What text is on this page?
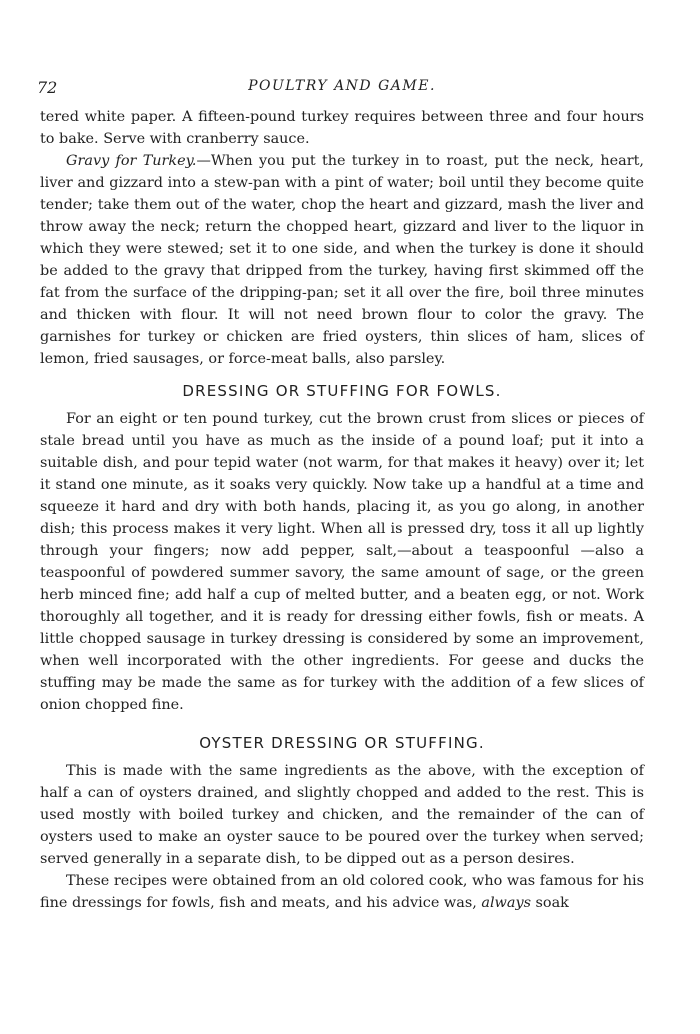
72	POULTRY AND GAME.

tered white paper. A fifteen-pound turkey requires between three and four hours to bake. Serve with cranberry sauce.

Gravy for Turkey.—When you put the turkey in to roast, put the neck, heart, liver and gizzard into a stew-pan with a pint of water; boil until they become quite tender; take them out of the water, chop the heart and gizzard, mash the liver and throw away the neck; return the chopped heart, gizzard and liver to the liquor in which they were stewed; set it to one side, and when the turkey is done it should be added to the gravy that dripped from the turkey, having first skimmed off the fat from the surface of the dripping-pan; set it all over the fire, boil three minutes and thicken with flour. It will not need brown flour to color the gravy. The garnishes for turkey or chicken are fried oysters, thin slices of ham, slices of lemon, fried sausages, or force-meat balls, also parsley.

DRESSING OR STUFFING FOR FOWLS.

For an eight or ten pound turkey, cut the brown crust from slices or pieces of stale bread until you have as much as the inside of a pound loaf; put it into a suitable dish, and pour tepid water (not warm, for that makes it heavy) over it; let it stand one minute, as it soaks very quickly. Now take up a handful at a time and squeeze it hard and dry with both hands, placing it, as you go along, in another dish; this process makes it very light. When all is pressed dry, toss it all up lightly through your fingers; now add pepper, salt,—about a teaspoonful —also a teaspoonful of powdered summer savory, the same amount of sage, or the green herb minced fine; add half a cup of melted butter, and a beaten egg, or not. Work thoroughly all together, and it is ready for dressing either fowls, fish or meats. A little chopped sausage in turkey dressing is considered by some an improvement, when well incorporated with the other ingredients. For geese and ducks the stuffing may be made the same as for turkey with the addition of a few slices of onion chopped fine.

OYSTER DRESSING OR STUFFING.

This is made with the same ingredients as the above, with the exception of half a can of oysters drained, and slightly chopped and added to the rest. This is used mostly with boiled turkey and chicken, and the remainder of the can of oysters used to make an oyster sauce to be poured over the turkey when served; served generally in a separate dish, to be dipped out as a person desires.

These recipes were obtained from an old colored cook, who was famous for his fine dressings for fowls, fish and meats, and his advice was, always soak
